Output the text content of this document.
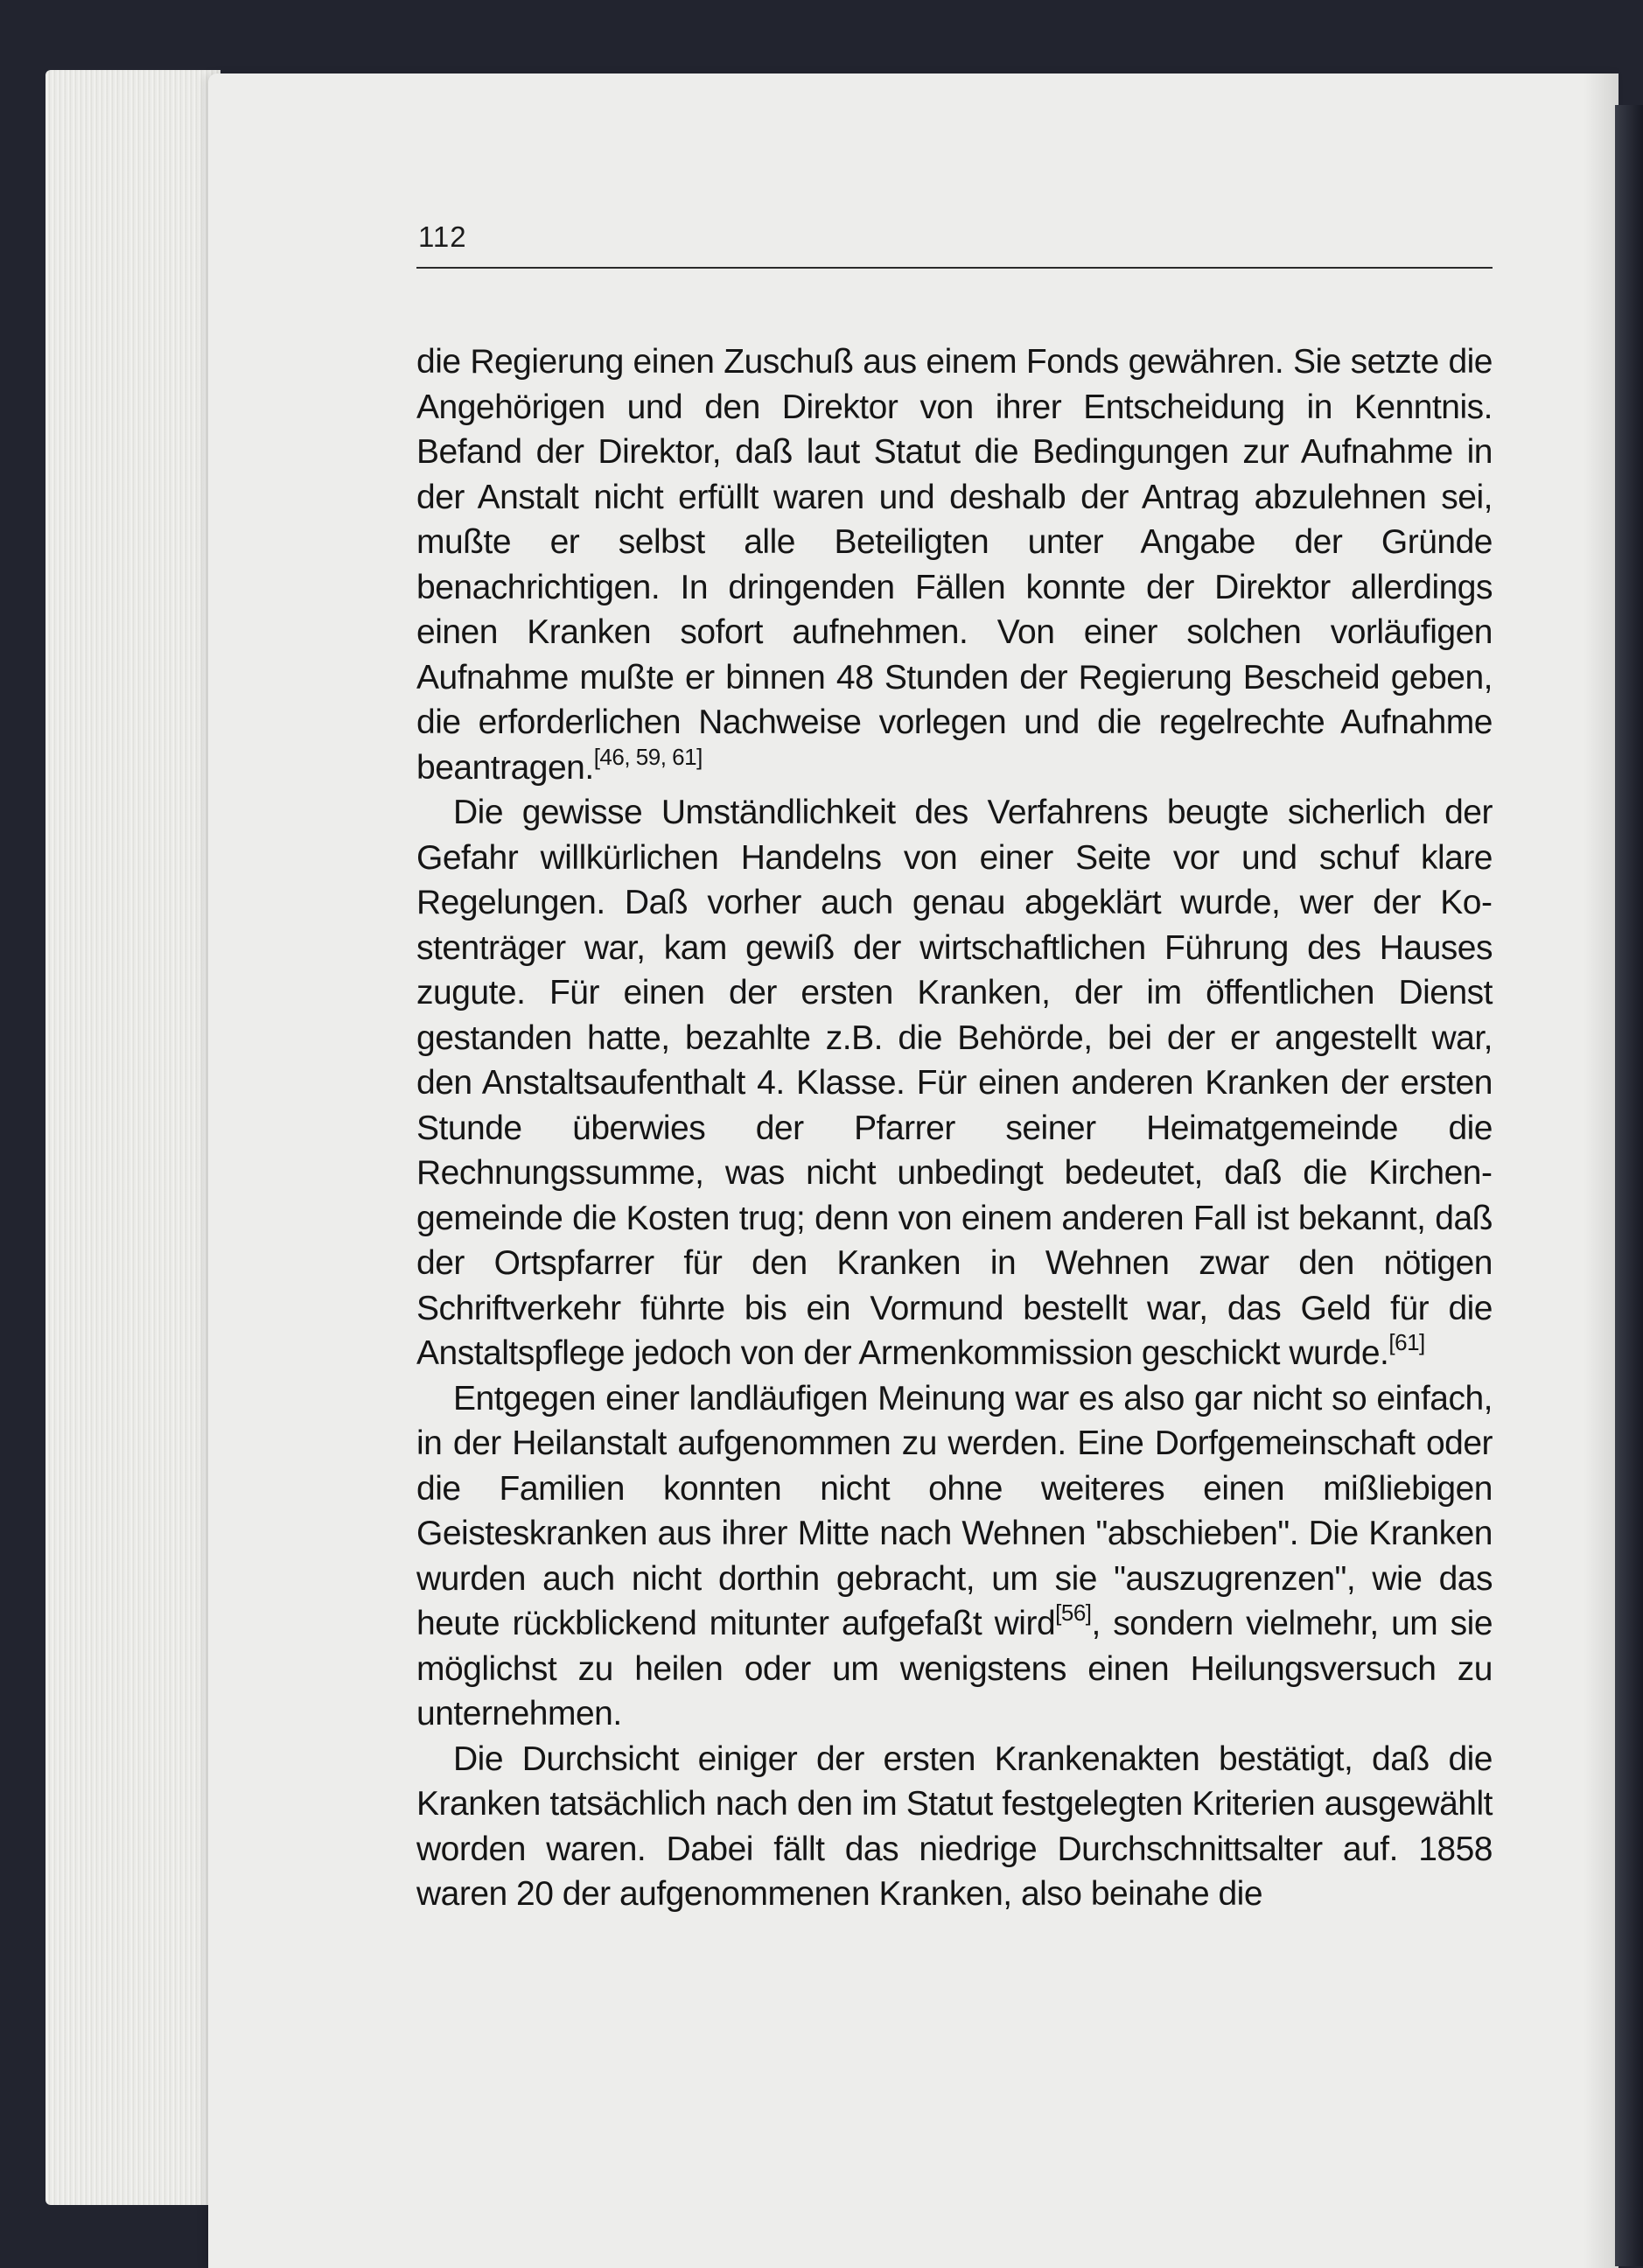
112

die Regierung einen Zuschuß aus einem Fonds gewähren. Sie setzte die Angehörigen und den Direktor von ihrer Entscheidung in Kenntnis. Befand der Direktor, daß laut Statut die Bedingungen zur Aufnahme in der Anstalt nicht erfüllt waren und deshalb der Antrag abzulehnen sei, mußte er selbst alle Beteiligten unter Angabe der Gründe benachrichtigen. In dringenden Fällen konnte der Direktor allerdings einen Kranken sofort aufnehmen. Von einer solchen vorläufigen Aufnahme mußte er binnen 48 Stunden der Regierung Bescheid geben, die erforderlichen Nachweise vorlegen und die regelrechte Aufnahme beantragen.[46, 59, 61]

Die gewisse Umständlichkeit des Verfahrens beugte sicherlich der Gefahr willkürlichen Handelns von einer Seite vor und schuf klare Regelungen. Daß vorher auch genau abgeklärt wurde, wer der Kostenträger war, kam gewiß der wirtschaftlichen Führung des Hauses zugute. Für einen der ersten Kranken, der im öffentlichen Dienst gestanden hatte, bezahlte z.B. die Behörde, bei der er angestellt war, den Anstaltsaufenthalt 4. Klasse. Für einen anderen Kranken der ersten Stunde überwies der Pfarrer seiner Heimatgemeinde die Rechnungssumme, was nicht unbedingt bedeutet, daß die Kirchengemeinde die Kosten trug; denn von einem anderen Fall ist bekannt, daß der Ortspfarrer für den Kranken in Wehnen zwar den nötigen Schriftverkehr führte bis ein Vormund bestellt war, das Geld für die Anstaltspflege jedoch von der Armenkommission geschickt wurde.[61]

Entgegen einer landläufigen Meinung war es also gar nicht so einfach, in der Heilanstalt aufgenommen zu werden. Eine Dorfgemeinschaft oder die Familien konnten nicht ohne weiteres einen mißliebigen Geisteskranken aus ihrer Mitte nach Wehnen "abschieben". Die Kranken wurden auch nicht dorthin gebracht, um sie "auszugrenzen", wie das heute rückblickend mitunter aufgefaßt wird[56], sondern vielmehr, um sie möglichst zu heilen oder um wenigstens einen Heilungsversuch zu unternehmen.

Die Durchsicht einiger der ersten Krankenakten bestätigt, daß die Kranken tatsächlich nach den im Statut festgelegten Kriterien ausgewählt worden waren. Dabei fällt das niedrige Durchschnittsalter auf. 1858 waren 20 der aufgenommenen Kranken, also beinahe die
